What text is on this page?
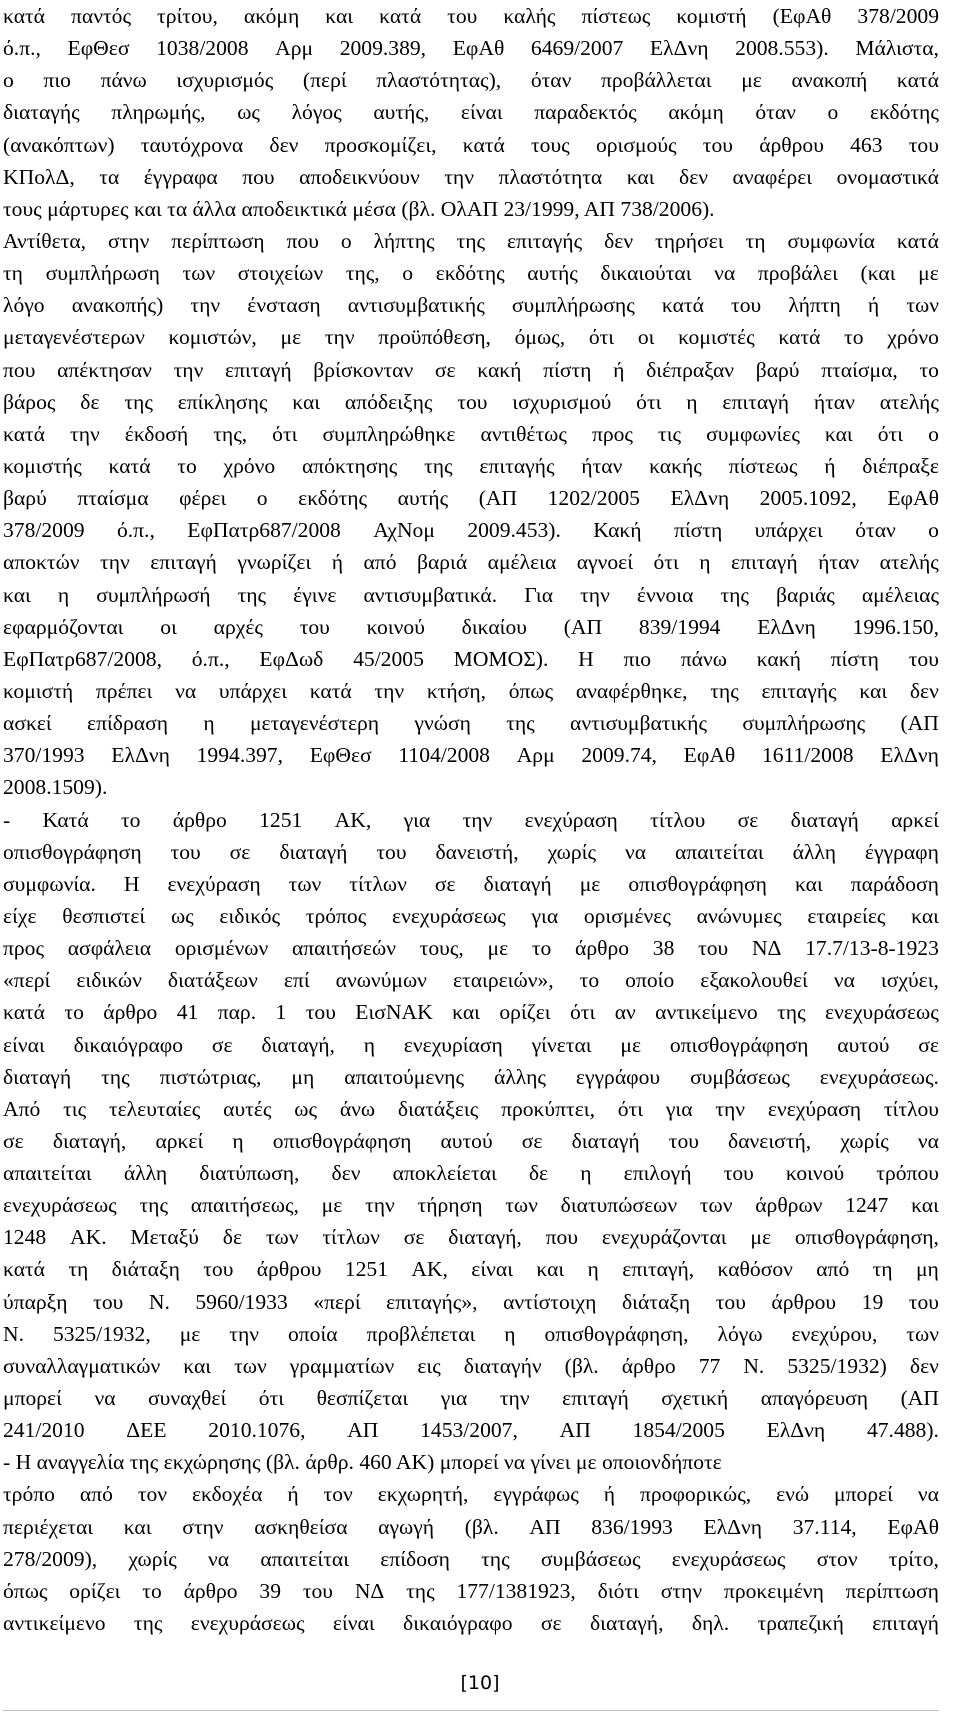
κατά παντός τρίτου, ακόμη και κατά του καλής πίστεως κομιστή (ΕφΑθ 378/2009
ό.π., ΕφΘεσ 1038/2008 Αρμ 2009.389, ΕφΑθ 6469/2007 ΕλΔνη 2008.553). Μάλιστα,
ο πιο πάνω ισχυρισμός (περί πλαστότητας), όταν προβάλλεται με ανακοπή κατά
διαταγής πληρωμής, ως λόγος αυτής, είναι παραδεκτός ακόμη όταν ο εκδότης
(ανακόπτων) ταυτόχρονα δεν προσκομίζει, κατά τους ορισμούς του άρθρου 463 του
ΚΠολΔ, τα έγγραφα που αποδεικνύουν την πλαστότητα και δεν αναφέρει ονομαστικά
τους μάρτυρες και τα άλλα αποδεικτικά μέσα (βλ. ΟλΑΠ 23/1999, ΑΠ 738/2006).
Αντίθετα, στην περίπτωση που ο λήπτης της επιταγής δεν τηρήσει τη συμφωνία κατά
τη συμπλήρωση των στοιχείων της, ο εκδότης αυτής δικαιούται να προβάλει (και με
λόγο ανακοπής) την ένσταση αντισυμβατικής συμπλήρωσης κατά του λήπτη ή των
μεταγενέστερων κομιστών, με την προϋπόθεση, όμως, ότι οι κομιστές κατά το χρόνο
που απέκτησαν την επιταγή βρίσκονταν σε κακή πίστη ή διέπραξαν βαρύ πταίσμα, το
βάρος δε της επίκλησης και απόδειξης του ισχυρισμού ότι η επιταγή ήταν ατελής
κατά την έκδοσή της, ότι συμπληρώθηκε αντιθέτως προς τις συμφωνίες και ότι ο
κομιστής κατά το χρόνο απόκτησης της επιταγής ήταν κακής πίστεως ή διέπραξε
βαρύ πταίσμα φέρει ο εκδότης αυτής (ΑΠ 1202/2005 ΕλΔνη 2005.1092, ΕφΑθ
378/2009 ό.π., ΕφΠατρ687/2008 ΑχΝομ 2009.453). Κακή πίστη υπάρχει όταν ο
αποκτών την επιταγή γνωρίζει ή από βαριά αμέλεια αγνοεί ότι η επιταγή ήταν ατελής
και η συμπλήρωσή της έγινε αντισυμβατικά. Για την έννοια της βαριάς αμέλειας
εφαρμόζονται οι αρχές του κοινού δικαίου (ΑΠ 839/1994 ΕλΔνη 1996.150,
ΕφΠατρ687/2008, ό.π., ΕφΔωδ 45/2005 ΜΟΜΟΣ). Η πιο πάνω κακή πίστη του
κομιστή πρέπει να υπάρχει κατά την κτήση, όπως αναφέρθηκε, της επιταγής και δεν
ασκεί επίδραση η μεταγενέστερη γνώση της αντισυμβατικής συμπλήρωσης (ΑΠ
370/1993 ΕλΔνη 1994.397, ΕφΘεσ 1104/2008 Αρμ 2009.74, ΕφΑθ 1611/2008 ΕλΔνη
2008.1509).
- Κατά το άρθρο 1251 ΑΚ, για την ενεχύραση τίτλου σε διαταγή αρκεί
οπισθογράφηση του σε διαταγή του δανειστή, χωρίς να απαιτείται άλλη έγγραφη
συμφωνία. Η ενεχύραση των τίτλων σε διαταγή με οπισθογράφηση και παράδοση
είχε θεσπιστεί ως ειδικός τρόπος ενεχυράσεως για ορισμένες ανώνυμες εταιρείες και
προς ασφάλεια ορισμένων απαιτήσεών τους, με το άρθρο 38 του ΝΔ 17.7/13-8-1923
«περί ειδικών διατάξεων επί ανωνύμων εταιρειών», το οποίο εξακολουθεί να ισχύει,
κατά το άρθρο 41 παρ. 1 του ΕισΝΑΚ και ορίζει ότι αν αντικείμενο της ενεχυράσεως
είναι δικαιόγραφο σε διαταγή, η ενεχυρίαση γίνεται με οπισθογράφηση αυτού σε
διαταγή της πιστώτριας, μη απαιτούμενης άλλης εγγράφου συμβάσεως ενεχυράσεως.
Από τις τελευταίες αυτές ως άνω διατάξεις προκύπτει, ότι για την ενεχύραση τίτλου
σε διαταγή, αρκεί η οπισθογράφηση αυτού σε διαταγή του δανειστή, χωρίς να
απαιτείται άλλη διατύπωση, δεν αποκλείεται δε η επιλογή του κοινού τρόπου
ενεχυράσεως της απαιτήσεως, με την τήρηση των διατυπώσεων των άρθρων 1247 και
1248 ΑΚ. Μεταξύ δε των τίτλων σε διαταγή, που ενεχυράζονται με οπισθογράφηση,
κατά τη διάταξη του άρθρου 1251 ΑΚ, είναι και η επιταγή, καθόσον από τη μη
ύπαρξη του Ν. 5960/1933 «περί επιταγής», αντίστοιχη διάταξη του άρθρου 19 του
Ν. 5325/1932, με την οποία προβλέπεται η οπισθογράφηση, λόγω ενεχύρου, των
συναλλαγματικών και των γραμματίων εις διαταγήν (βλ. άρθρο 77 Ν. 5325/1932) δεν
μπορεί να συναχθεί ότι θεσπίζεται για την επιταγή σχετική απαγόρευση (ΑΠ
241/2010 ΔΕΕ 2010.1076, ΑΠ 1453/2007, ΑΠ 1854/2005 ΕλΔνη 47.488).
- Η αναγγελία της εκχώρησης (βλ. άρθρ. 460 ΑΚ) μπορεί να γίνει με οποιονδήποτε
τρόπο από τον εκδοχέα ή τον εκχωρητή, εγγράφως ή προφορικώς, ενώ μπορεί να
περιέχεται και στην ασκηθείσα αγωγή (βλ. ΑΠ 836/1993 ΕλΔνη 37.114, ΕφΑθ
278/2009), χωρίς να απαιτείται επίδοση της συμβάσεως ενεχυράσεως στον τρίτο,
όπως ορίζει το άρθρο 39 του ΝΔ της 177/1381923, διότι στην προκειμένη περίπτωση
αντικείμενο της ενεχυράσεως είναι δικαιόγραφο σε διαταγή, δηλ. τραπεζική επιταγή
[10]
